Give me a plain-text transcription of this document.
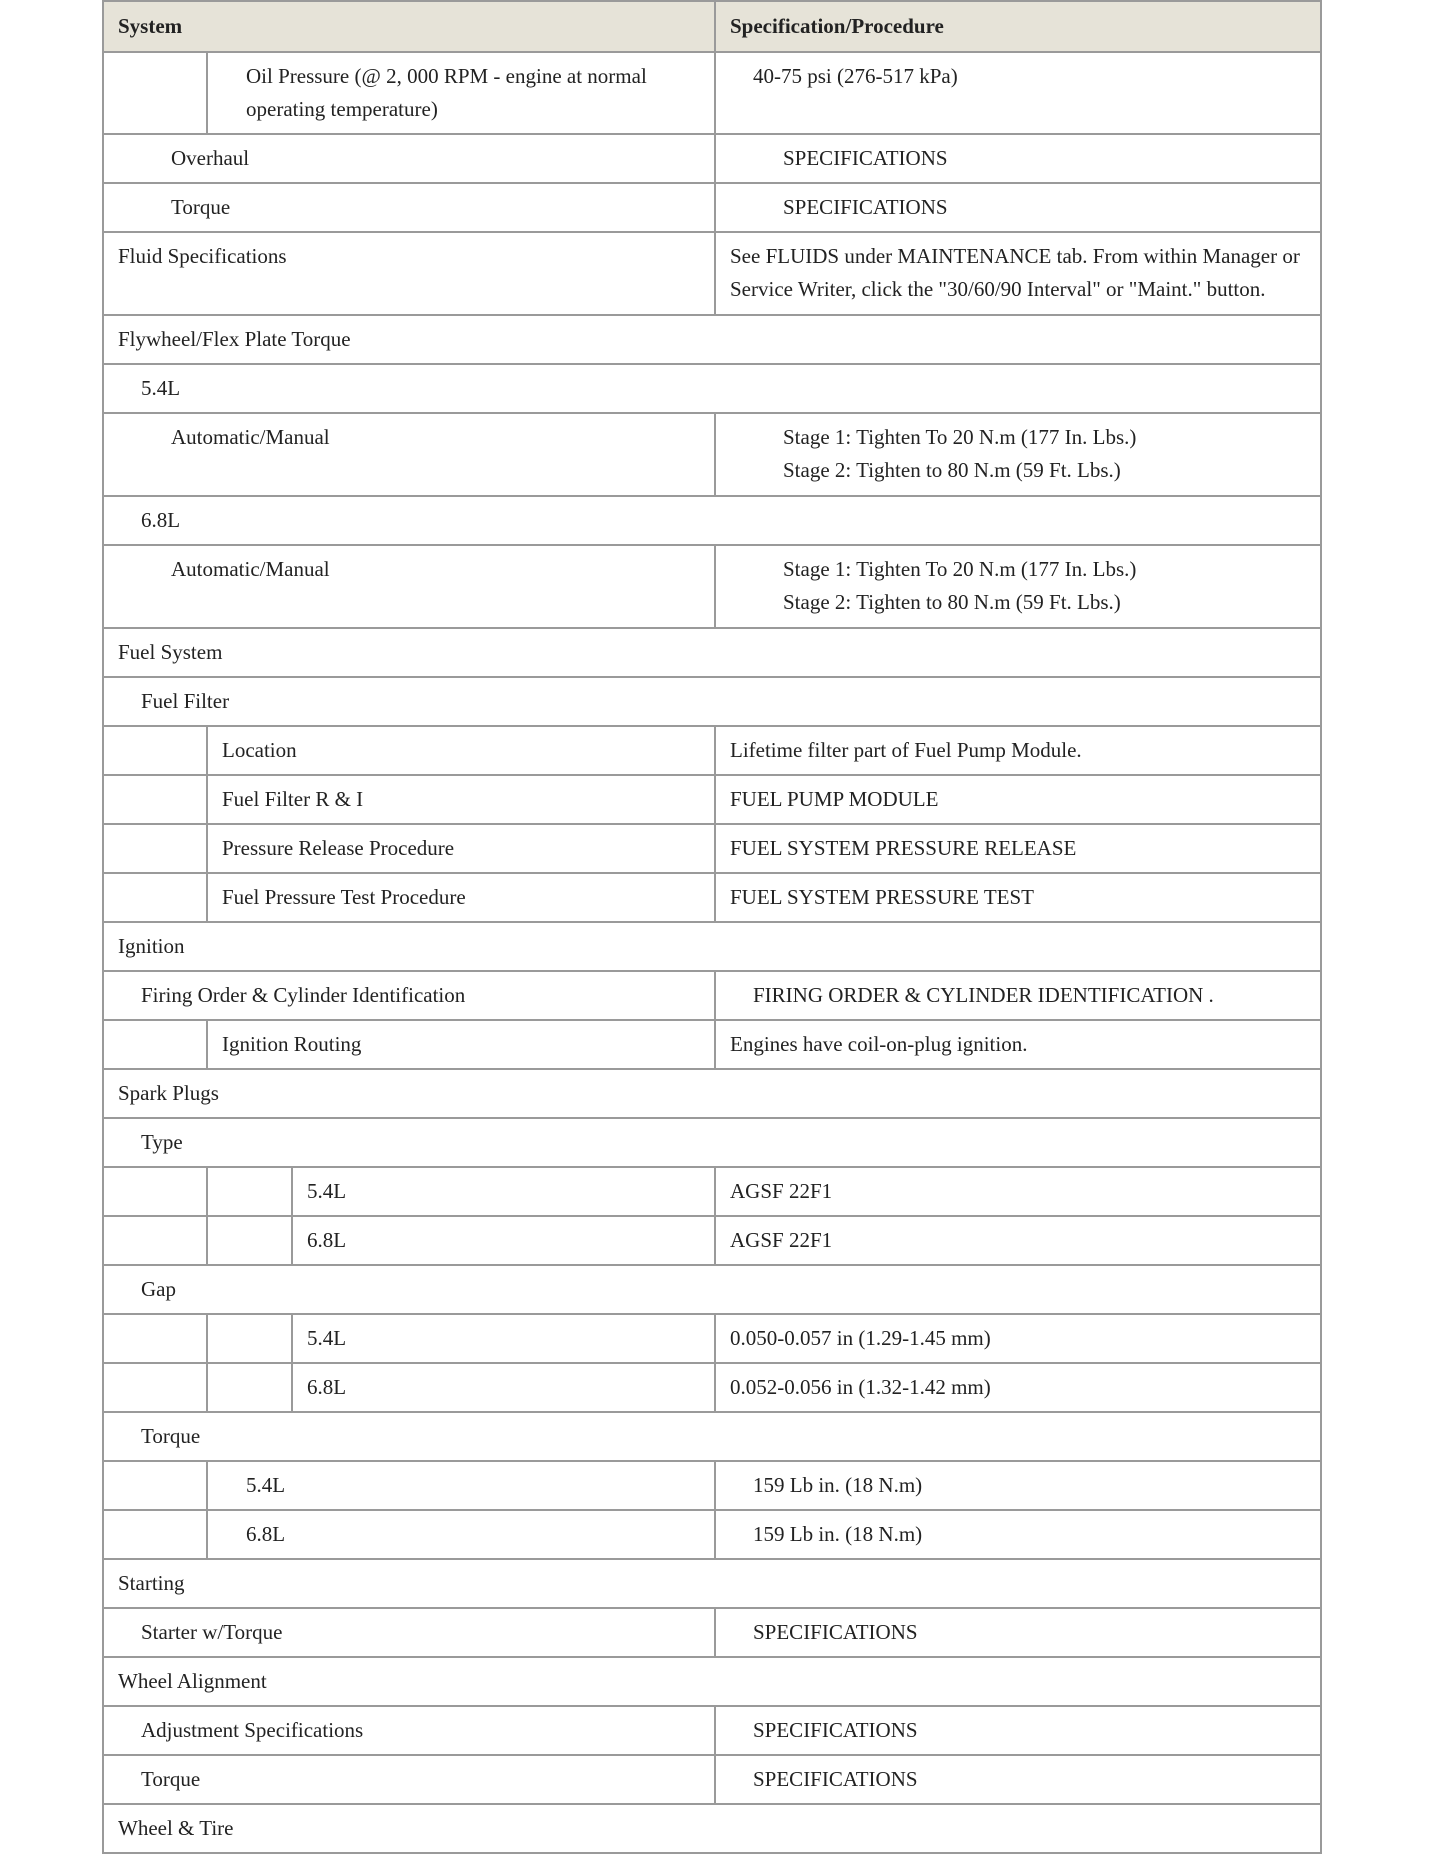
System			Specification/Procedure
	Oil Pressure (@ 2, 000 RPM - engine at normal operating temperature)		40-75 psi (276-517 kPa)
Overhaul			SPECIFICATIONS
Torque			SPECIFICATIONS
Fluid Specifications			See FLUIDS under MAINTENANCE tab. From within Manager or Service Writer, click the "30/60/90 Interval" or "Maint." button.
Flywheel/Flex Plate Torque			
5.4L			
Automatic/Manual			Stage 1: Tighten To 20 N.m (177 In. Lbs.)
Stage 2: Tighten to 80 N.m (59 Ft. Lbs.)

6.8L			
Automatic/Manual			Stage 1: Tighten To 20 N.m (177 In. Lbs.)
Stage 2: Tighten to 80 N.m (59 Ft. Lbs.)

Fuel System			
Fuel Filter			
	Location		Lifetime filter part of Fuel Pump Module.
	Fuel Filter R & I		FUEL PUMP MODULE
	Pressure Release Procedure		FUEL SYSTEM PRESSURE RELEASE
	Fuel Pressure Test Procedure		FUEL SYSTEM PRESSURE TEST
Ignition			
Firing Order & Cylinder Identification			FIRING ORDER & CYLINDER IDENTIFICATION .
	Ignition Routing		Engines have coil-on-plug ignition.
Spark Plugs			
Type			
		5.4L	AGSF 22F1
		6.8L	AGSF 22F1
Gap			
		5.4L	0.050-0.057 in (1.29-1.45 mm)
		6.8L	0.052-0.056 in (1.32-1.42 mm)
Torque			
	5.4L		159 Lb in. (18 N.m)
	6.8L		159 Lb in. (18 N.m)
Starting			
Starter w/Torque			SPECIFICATIONS
Wheel Alignment			
Adjustment Specifications			SPECIFICATIONS
Torque			SPECIFICATIONS
Wheel & Tire			
